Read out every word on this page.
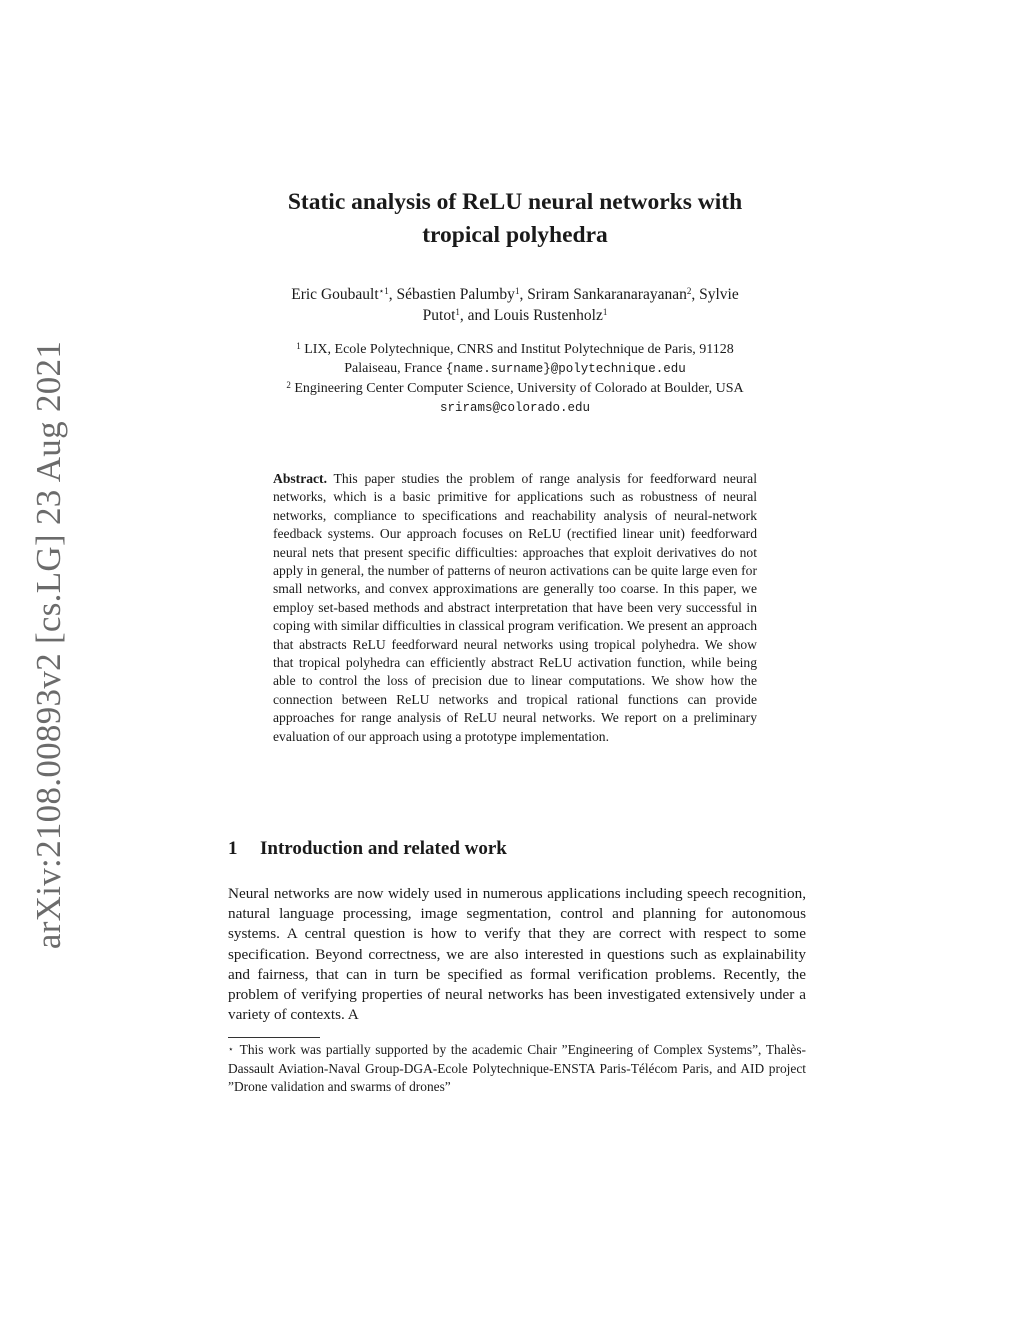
arXiv:2108.00893v2 [cs.LG] 23 Aug 2021
Static analysis of ReLU neural networks with
tropical polyhedra
Eric Goubault$^{⋆1}$, Sébastien Palumby$^1$, Sriram Sankaranarayanan$^2$, Sylvie
Putot$^1$, and Louis Rustenholz$^1$
$^1$ LIX, Ecole Polytechnique, CNRS and Institut Polytechnique de Paris, 91128
Palaiseau, France {name.surname}@polytechnique.edu
$^2$ Engineering Center Computer Science, University of Colorado at Boulder, USA
srirams@colorado.edu
Abstract. This paper studies the problem of range analysis for feedforward neural networks, which is a basic primitive for applications such as robustness of neural networks, compliance to specifications and reachability analysis of neural-network feedback systems. Our approach focuses on ReLU (rectified linear unit) feedforward neural nets that present specific difficulties: approaches that exploit derivatives do not apply in general, the number of patterns of neuron activations can be quite large even for small networks, and convex approximations are generally too coarse. In this paper, we employ set-based methods and abstract interpretation that have been very successful in coping with similar difficulties in classical program verification. We present an approach that abstracts ReLU feedforward neural networks using tropical polyhedra. We show that tropical polyhedra can efficiently abstract ReLU activation function, while being able to control the loss of precision due to linear computations. We show how the connection between ReLU networks and tropical rational functions can provide approaches for range analysis of ReLU neural networks. We report on a preliminary evaluation of our approach using a prototype implementation.
1 Introduction and related work
Neural networks are now widely used in numerous applications including speech recognition, natural language processing, image segmentation, control and planning for autonomous systems. A central question is how to verify that they are correct with respect to some specification. Beyond correctness, we are also interested in questions such as explainability and fairness, that can in turn be specified as formal verification problems. Recently, the problem of verifying properties of neural networks has been investigated extensively under a variety of contexts. A
⋆ This work was partially supported by the academic Chair ”Engineering of Complex Systems”, Thalès-Dassault Aviation-Naval Group-DGA-Ecole Polytechnique-ENSTA Paris-Télécom Paris, and AID project ”Drone validation and swarms of drones”
